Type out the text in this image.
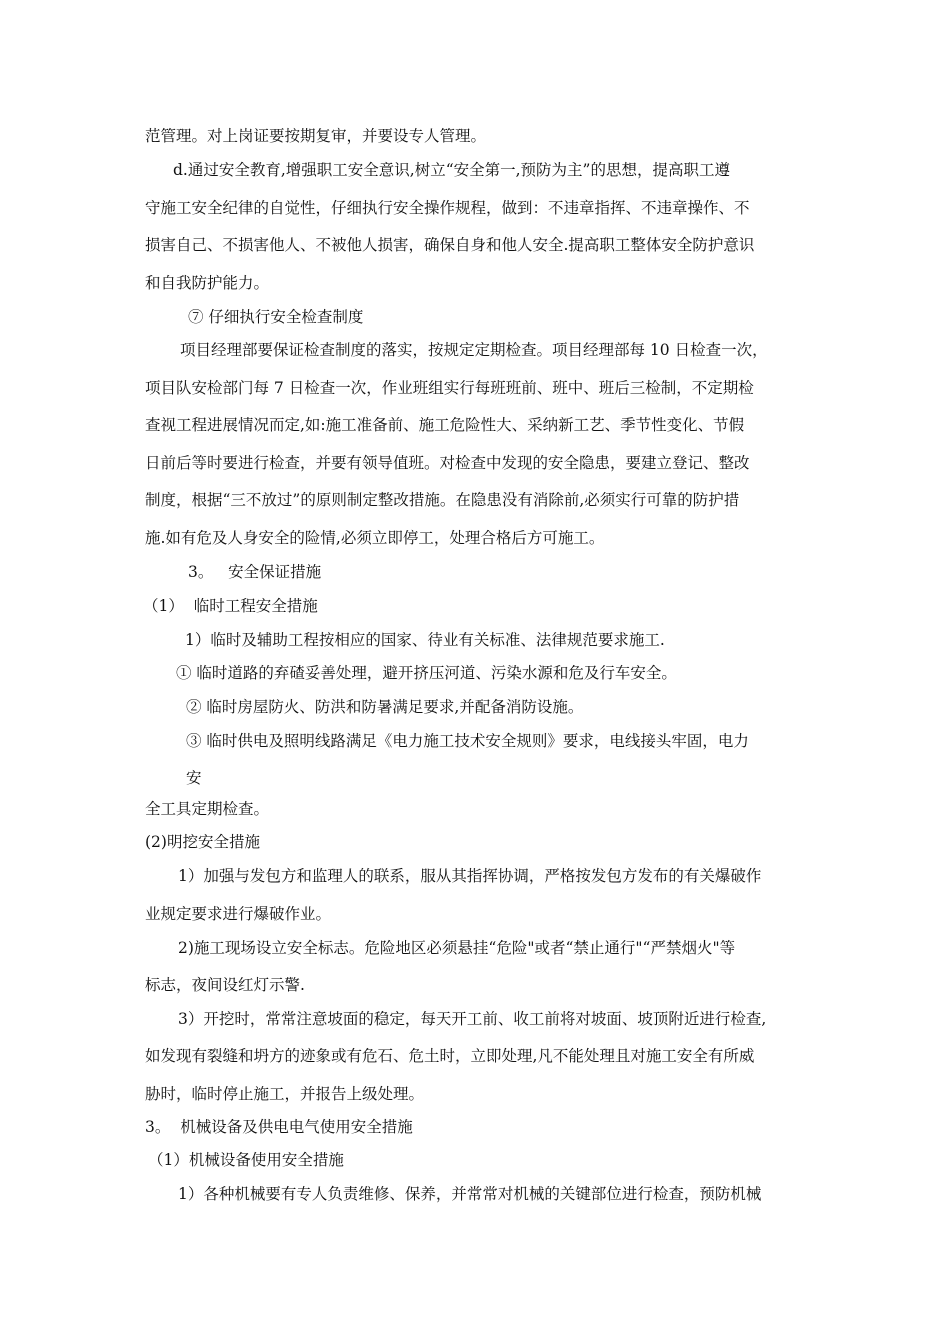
范管理。对上岗证要按期复审，并要设专人管理。
d.通过安全教育,增强职工安全意识,树立“安全第一,预防为主”的思想，提高职工遵
守施工安全纪律的自觉性，仔细执行安全操作规程，做到：不违章指挥、不违章操作、不
损害自己、不损害他人、不被他人损害，确保自身和他人安全.提高职工整体安全防护意识
和自我防护能力。
⑦ 仔细执行安全检查制度
项目经理部要保证检查制度的落实，按规定定期检查。项目经理部每 10 日检查一次，
项目队安检部门每 7 日检查一次，作业班组实行每班班前、班中、班后三检制，不定期检
查视工程进展情况而定,如:施工准备前、施工危险性大、采纳新工艺、季节性变化、节假
日前后等时要进行检查，并要有领导值班。对检查中发现的安全隐患，要建立登记、整改
制度，根据“三不放过”的原则制定整改措施。在隐患没有消除前,必须实行可靠的防护措
施.如有危及人身安全的险情,必须立即停工，处理合格后方可施工。
3。   安全保证措施
（1）  临时工程安全措施
1）临时及辅助工程按相应的国家、待业有关标准、法律规范要求施工.
① 临时道路的弃碴妥善处理，避开挤压河道、污染水源和危及行车安全。
② 临时房屋防火、防洪和防暑满足要求,并配备消防设施。
③ 临时供电及照明线路满足《电力施工技术安全规则》要求，电线接头牢固，电力
安
全工具定期检查。
(2)明挖安全措施
1）加强与发包方和监理人的联系，服从其指挥协调，严格按发包方发布的有关爆破作
业规定要求进行爆破作业。
2)施工现场设立安全标志。危险地区必须悬挂“危险"或者“禁止通行"“严禁烟火"等
标志，夜间设红灯示警.
3）开挖时，常常注意坡面的稳定，每天开工前、收工前将对坡面、坡顶附近进行检查,
如发现有裂缝和坍方的迹象或有危石、危土时，立即处理,凡不能处理且对施工安全有所威
胁时，临时停止施工，并报告上级处理。
3。  机械设备及供电电气使用安全措施
（1）机械设备使用安全措施
1）各种机械要有专人负责维修、保养，并常常对机械的关键部位进行检查，预防机械
